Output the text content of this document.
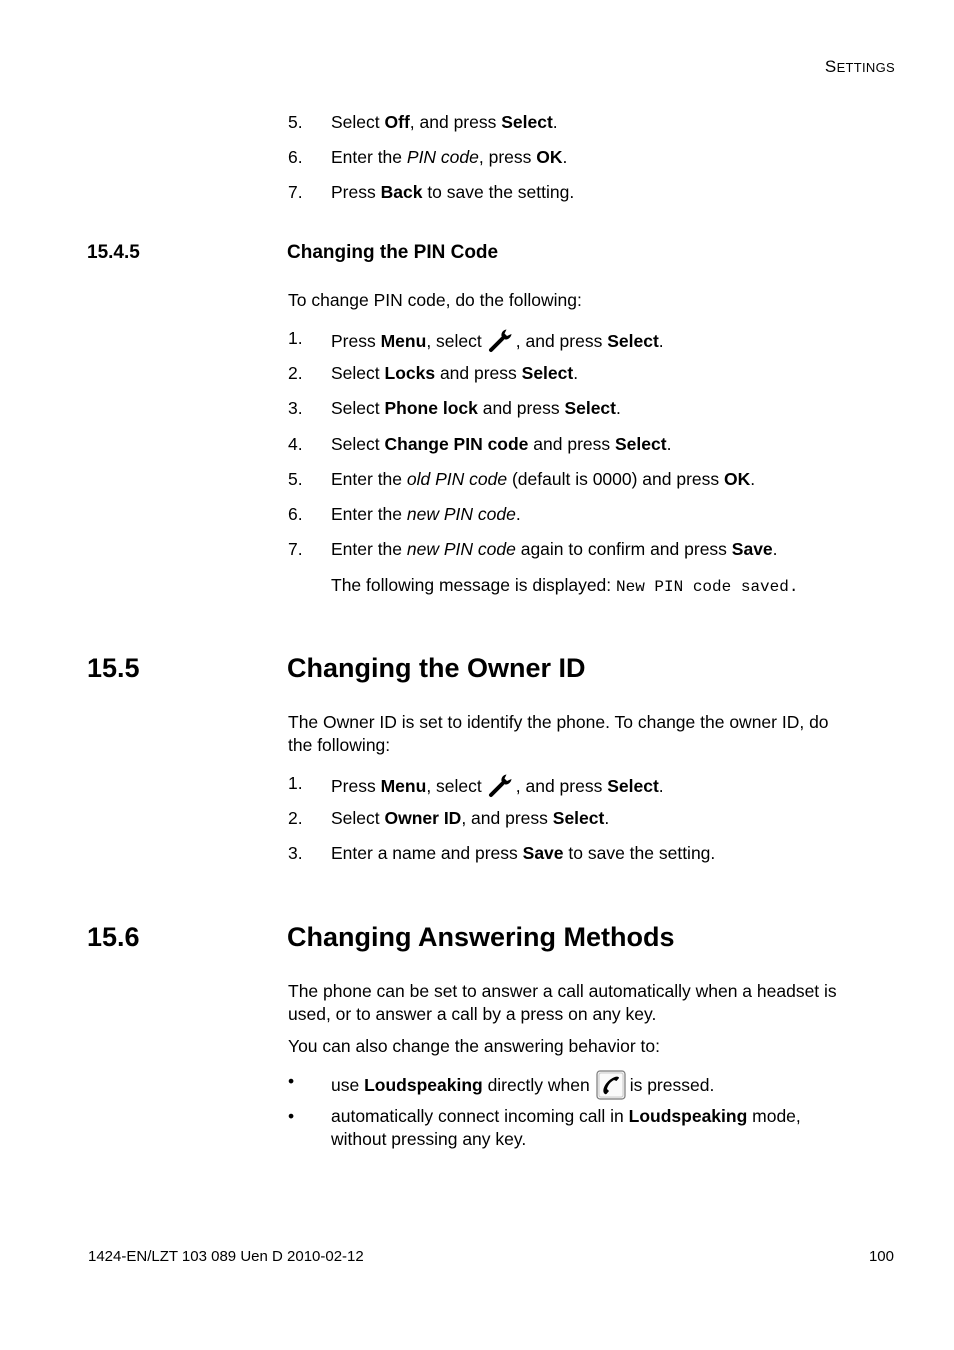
SETTINGS
5. Select Off, and press Select.
6. Enter the PIN code, press OK.
7. Press Back to save the setting.
15.4.5	Changing the PIN Code
To change PIN code, do the following:
1. Press Menu, select , and press Select.
2. Select Locks and press Select.
3. Select Phone lock and press Select.
4. Select Change PIN code and press Select.
5. Enter the old PIN code (default is 0000) and press OK.
6. Enter the new PIN code.
7. Enter the new PIN code again to confirm and press Save.
The following message is displayed: New PIN code saved.
15.5	Changing the Owner ID
The Owner ID is set to identify the phone. To change the owner ID, do
the following:
1. Press Menu, select , and press Select.
2. Select Owner ID, and press Select.
3. Enter a name and press Save to save the setting.
15.6	Changing Answering Methods
The phone can be set to answer a call automatically when a headset is
used, or to answer a call by a press on any key.
You can also change the answering behavior to:
• use Loudspeaking directly when is pressed.
• automatically connect incoming call in Loudspeaking mode,
without pressing any key.
1424-EN/LZT 103 089 Uen D 2010-02-12	100
